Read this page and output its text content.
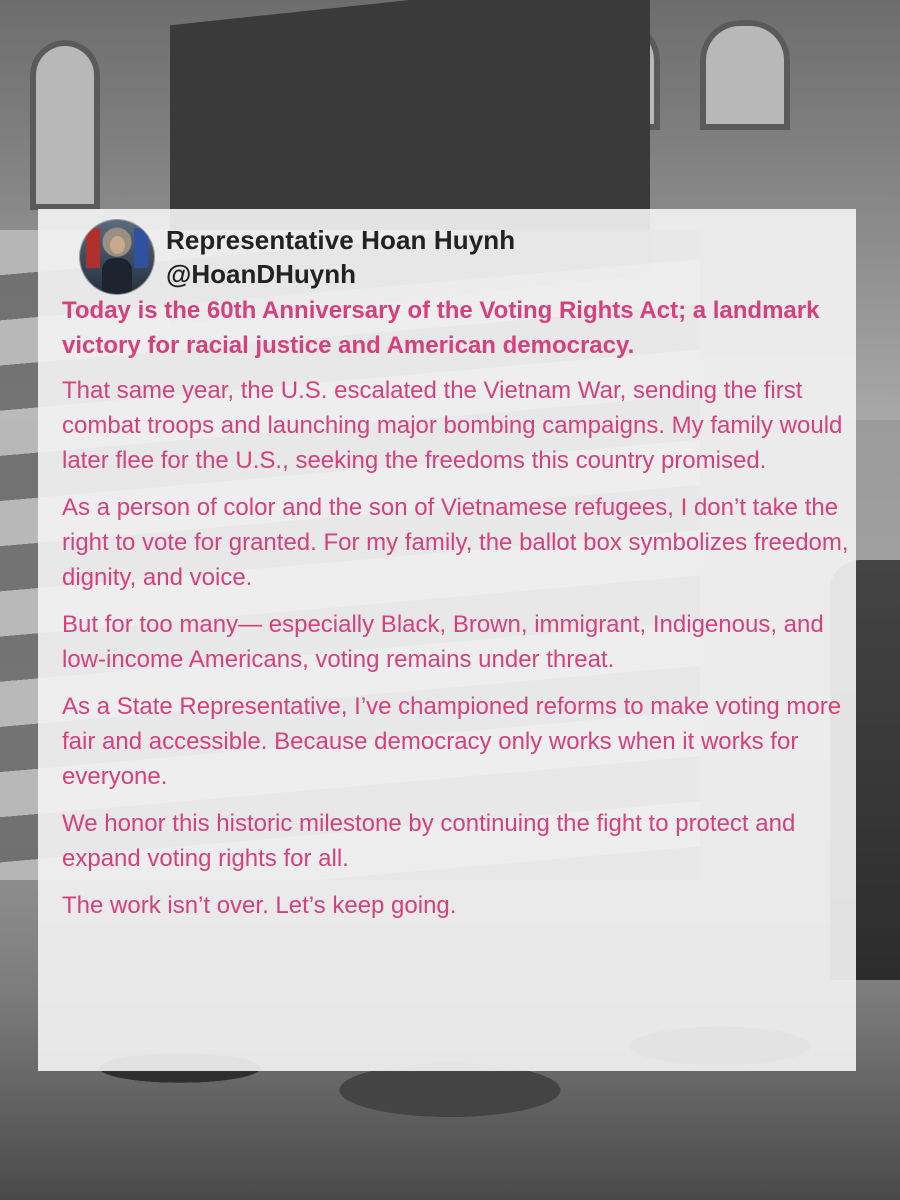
Representative Hoan Huynh
@HoanDHuynh

Today is the 60th Anniversary of the Voting Rights Act; a landmark victory for racial justice and American democracy.

That same year, the U.S. escalated the Vietnam War, sending the first combat troops and launching major bombing campaigns. My family would later flee for the U.S., seeking the freedoms this country promised.

As a person of color and the son of Vietnamese refugees, I don’t take the right to vote for granted. For my family, the ballot box symbolizes freedom, dignity, and voice.

But for too many— especially Black, Brown, immigrant, Indigenous, and low-income Americans, voting remains under threat.

As a State Representative, I’ve championed reforms to make voting more fair and accessible. Because democracy only works when it works for everyone.

We honor this historic milestone by continuing the fight to protect and expand voting rights for all.

The work isn’t over. Let’s keep going.
